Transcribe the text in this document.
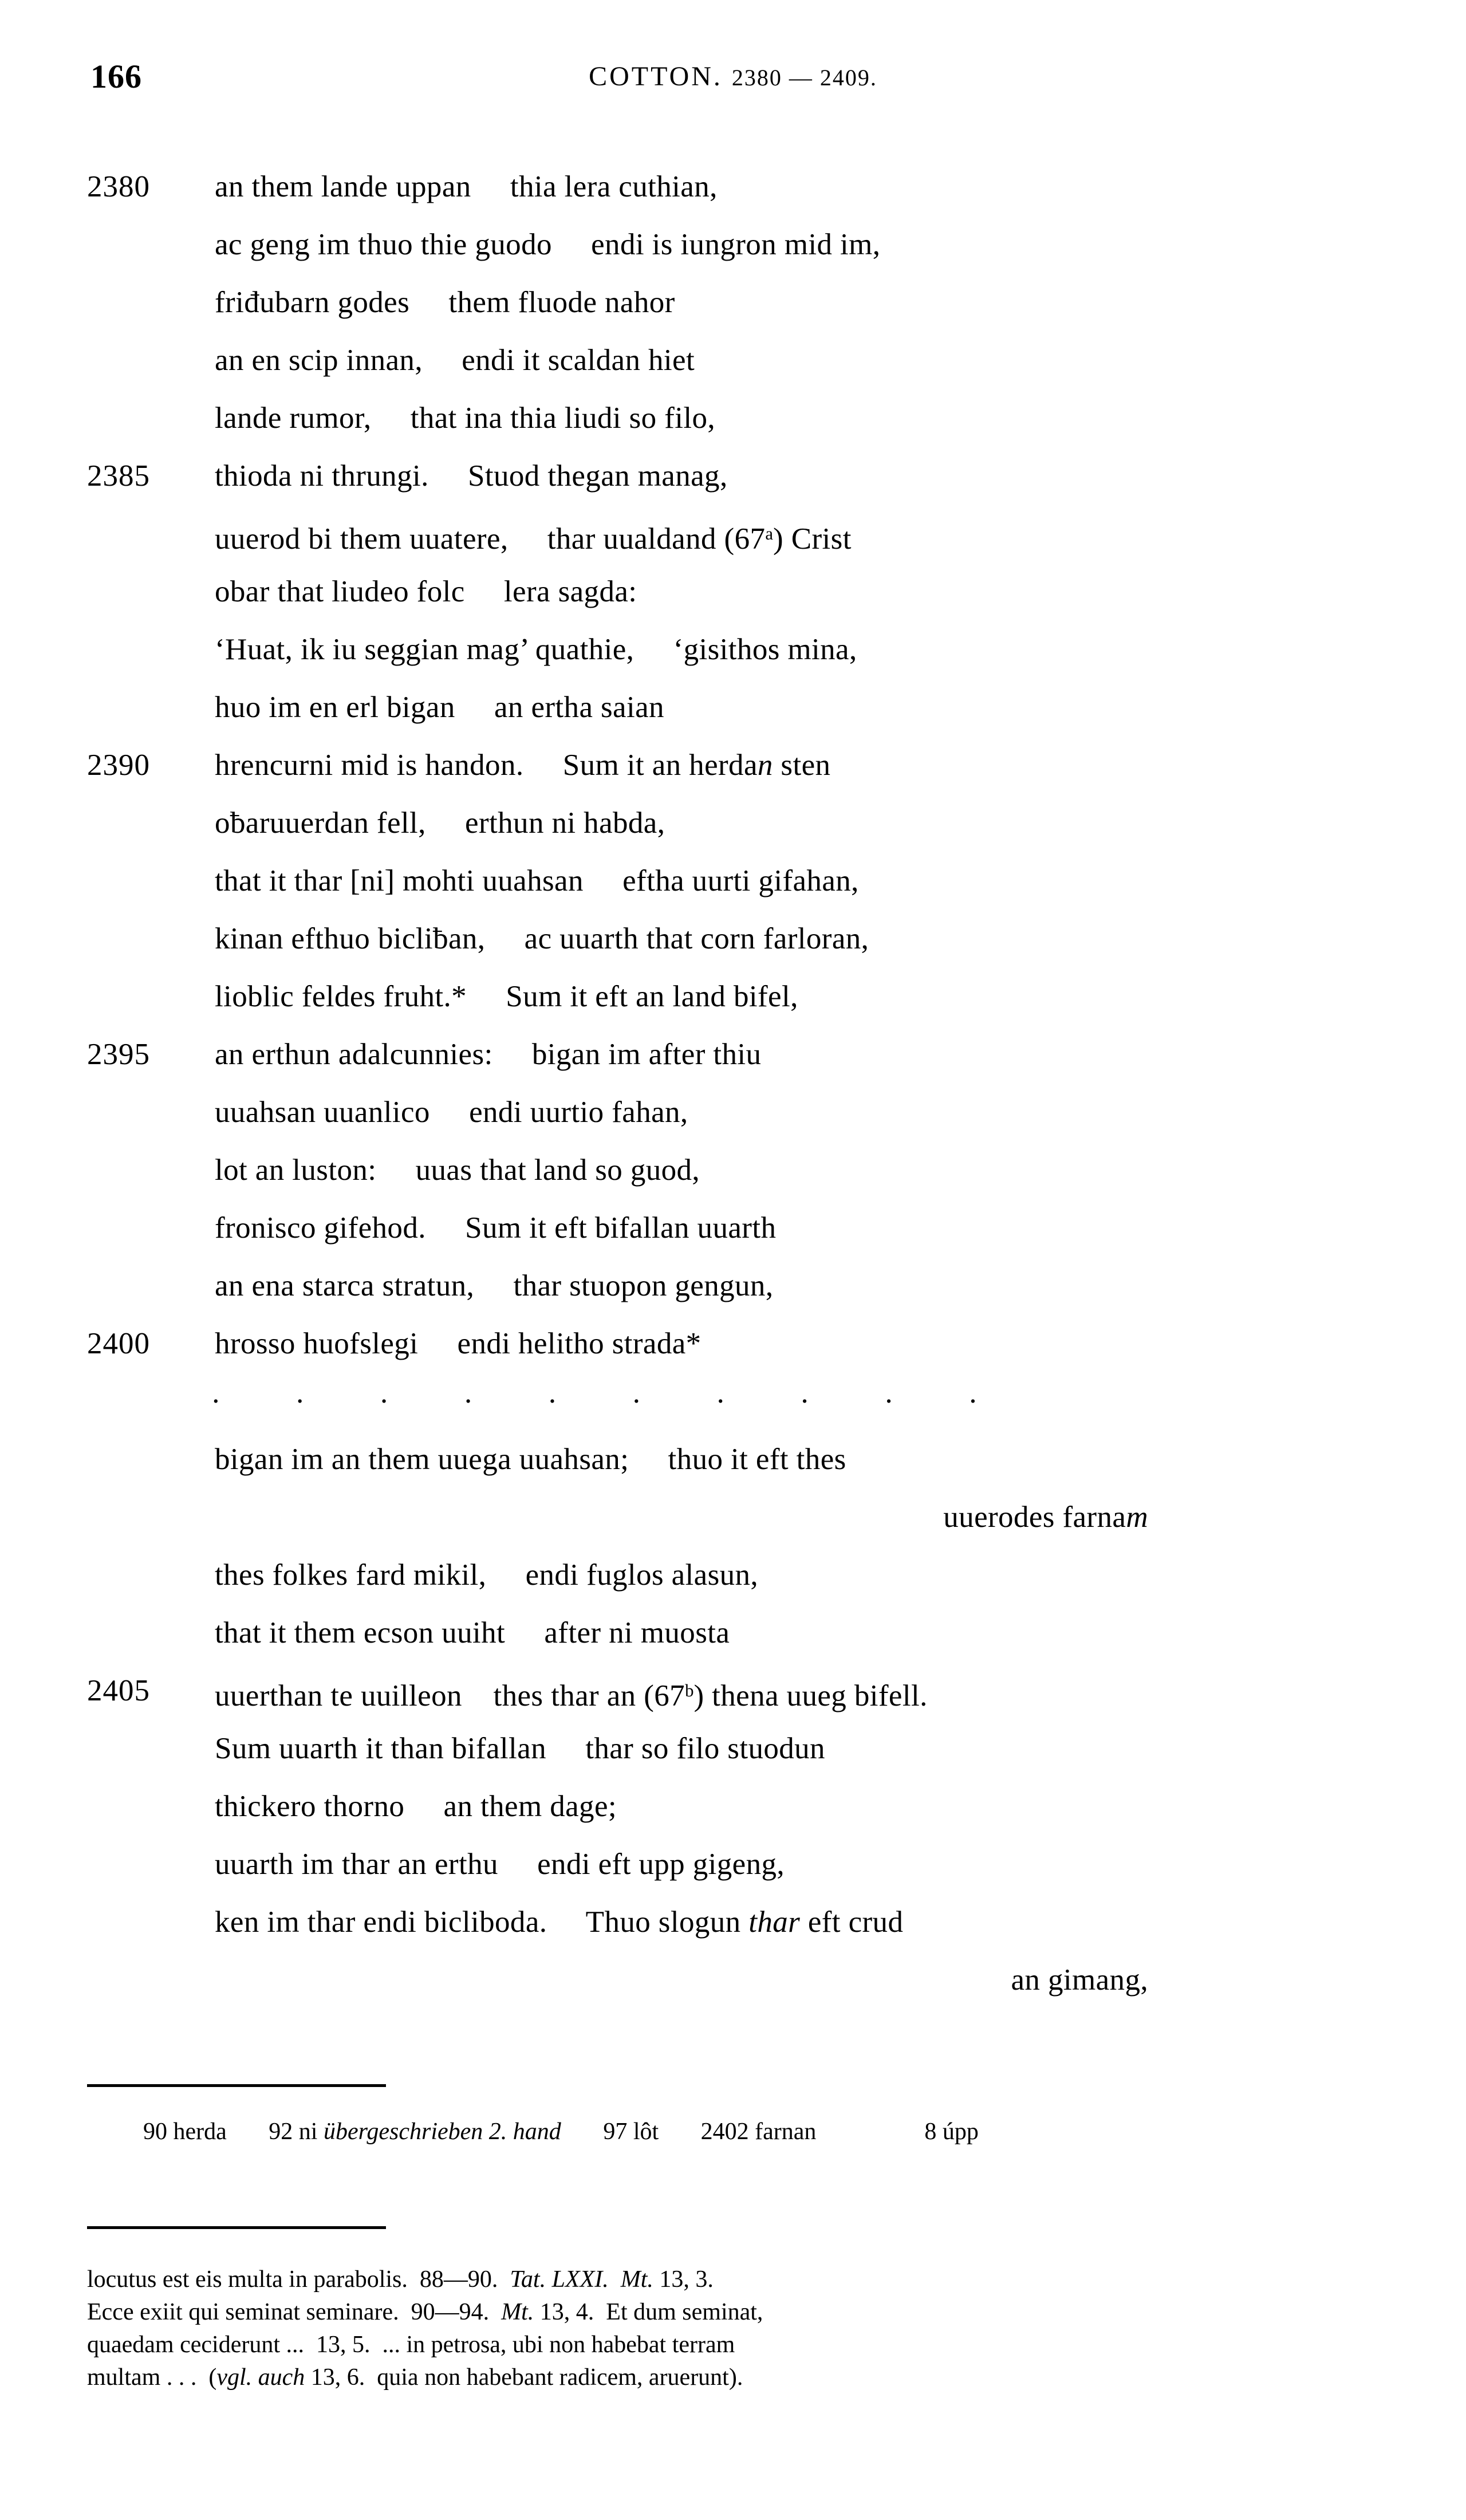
166	COTTON. 2380 — 2409.
2380	an them lande uppan     thia lera cuthian,
ac geng im thuo thie guodo     endi is iungron mid im,
friđubarn godes     them fluode nahor
an en scip innan,     endi it scaldan hiet
lande rumor,     that ina thia liudi so filo,
2385	thioda ni thrungi.     Stuod thegan manag,
uuerod bi them uuatere,     thar uualdand (67$^a$) Crist
obar that liudeo folc     lera sagda:
‘Huat, ik iu seggian mag’ quathie,     ‘gisithos mina,
huo im en erl bigan     an ertha saian
2390	hrencurni mid is handon.     Sum it an herdan sten
oƀaruuerdan fell,     erthun ni habda,
that it thar [ni] mohti uuahsan     eftha uurti gifahan,
kinan efthuo bicliƀan,     ac uuarth that corn farloran,
lioblic feldes fruht.*     Sum it eft an land bifel,
2395	an erthun adalcunnies:     bigan im after thiu
uuahsan uuanlico     endi uurtio fahan,
lot an luston:     uuas that land so guod,
fronisco gifehod.     Sum it eft bifallan uuarth
an ena starca stratun,     thar stuopon gengun,
2400	hrosso huofslegi     endi helitho strada*
· · · · · · · · · ·
bigan im an them uuega uuahsan;     thuo it eft thes
uuerodes farnam
thes folkes fard mikil,     endi fuglos alasun,
that it them ecson uuiht     after ni muosta
2405	uuerthan te uuilleon    thes thar an (67$^b$) thena uueg bifell.
Sum uuarth it than bifallan     thar so filo stuodun
thickero thorno     an them dage;
uuarth im thar an erthu     endi eft upp gigeng,
ken im thar endi bicliboda.     Thuo slogun thar eft crud
an gimang,
90 herda 92 ni übergeschrieben 2. hand 97 lôt 2402 farnan	8 úpp
locutus est eis multa in parabolis.  88—90.  Tat. LXXI.  Mt. 13, 3.
Ecce exiit qui seminat seminare.  90—94.  Mt. 13, 4.  Et dum seminat,
quaedam ceciderunt ...  13, 5.  ... in petrosa, ubi non habebat terram
multam . . .  (vgl. auch 13, 6.  quia non habebant radicem, aruerunt).
